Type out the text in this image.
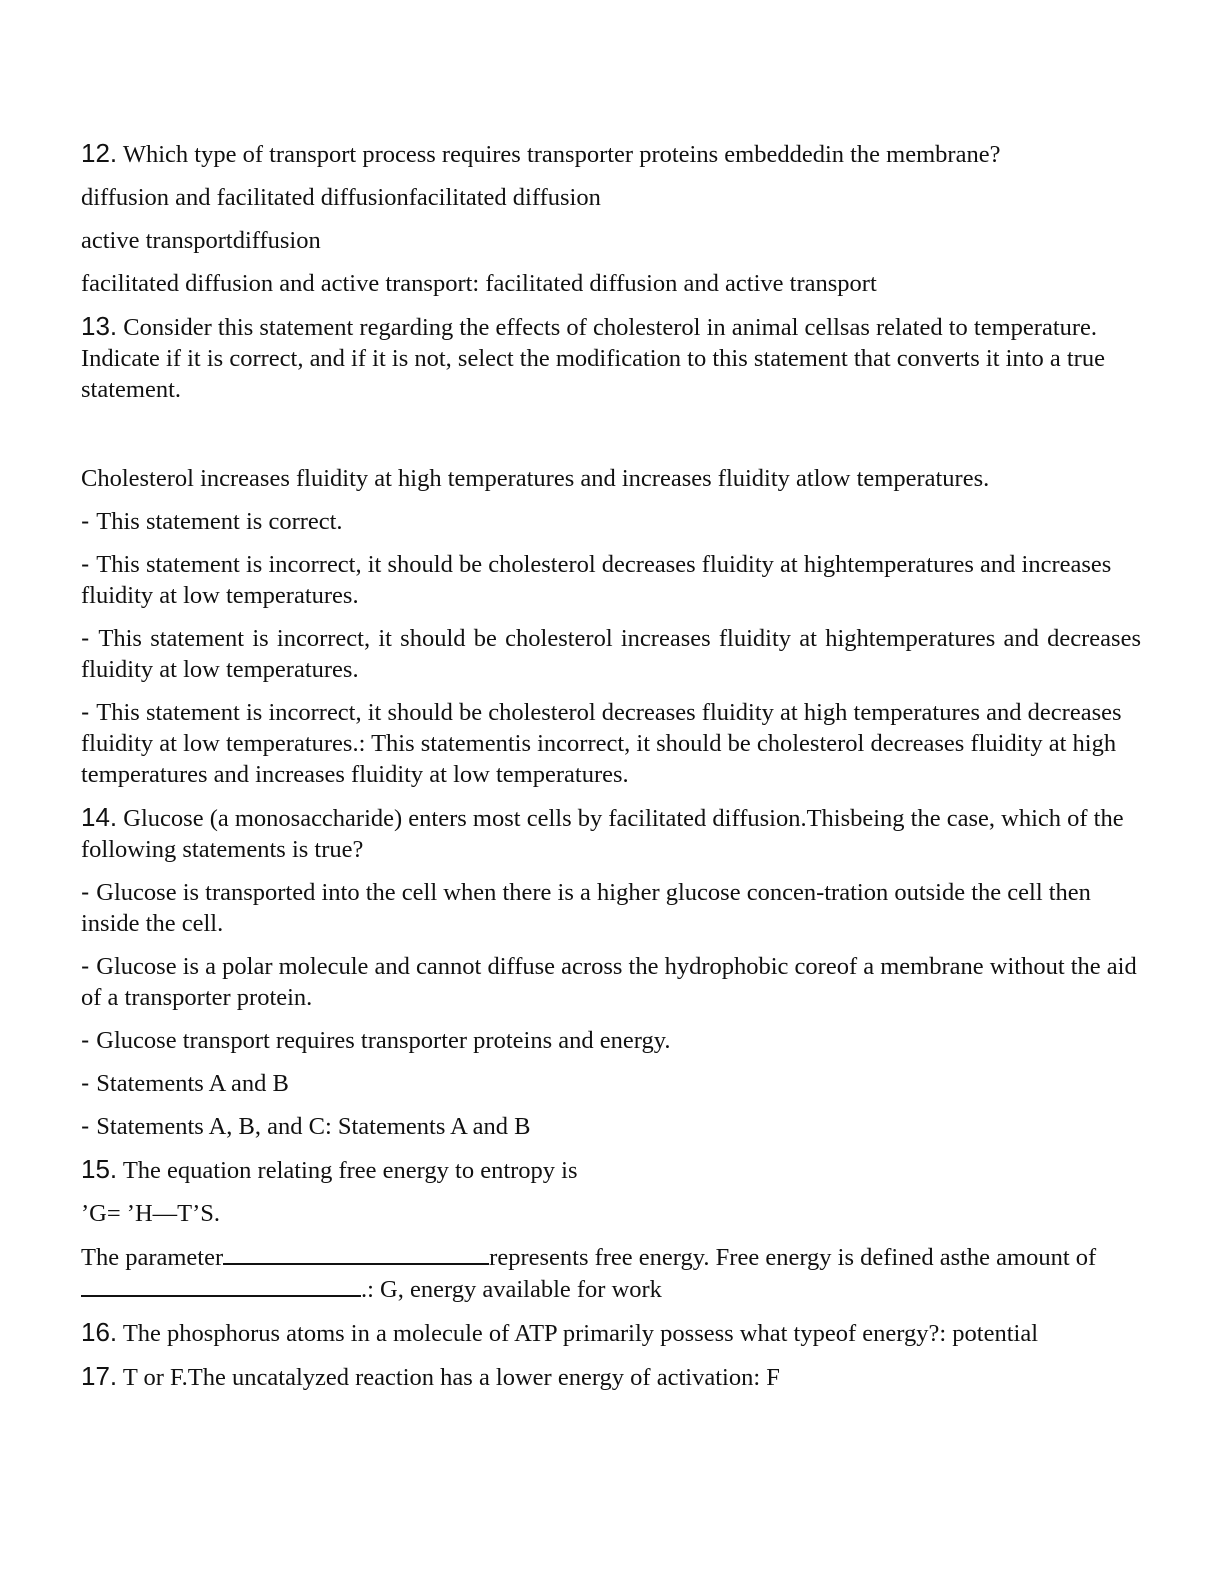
12. Which type of transport process requires transporter proteins embeddedin the membrane?
diffusion and facilitated diffusionfacilitated diffusion
active transportdiffusion
facilitated diffusion and active transport: facilitated diffusion and active transport
13. Consider this statement regarding the effects of cholesterol in animal cellsas related to temperature. Indicate if it is correct, and if it is not, select the modification to this statement that converts it into a true statement.
Cholesterol increases fluidity at high temperatures and increases fluidity atlow temperatures.
- This statement is correct.
- This statement is incorrect, it should be cholesterol decreases fluidity at hightemperatures and increases fluidity at low temperatures.
- This statement is incorrect, it should be cholesterol increases fluidity at hightemperatures and decreases fluidity at low temperatures.
- This statement is incorrect, it should be cholesterol decreases fluidity at high temperatures and decreases fluidity at low temperatures.: This statementis incorrect, it should be cholesterol decreases fluidity at high temperatures and increases fluidity at low temperatures.
14. Glucose (a monosaccharide) enters most cells by facilitated diffusion.Thisbeing the case, which of the following statements is true?
- Glucose is transported into the cell when there is a higher glucose concen-tration outside the cell then inside the cell.
- Glucose is a polar molecule and cannot diffuse across the hydrophobic coreof a membrane without the aid of a transporter protein.
- Glucose transport requires transporter proteins and energy.
- Statements A and B
- Statements A, B, and C: Statements A and B
15. The equation relating free energy to entropy is
’G= ’H—T’S.
The parameter	represents free energy. Free energy is defined asthe amount of.: G, energy available for work
16. The phosphorus atoms in a molecule of ATP primarily possess what typeof energy?: potential
17. T or F.The uncatalyzed reaction has a lower energy of activation: F
